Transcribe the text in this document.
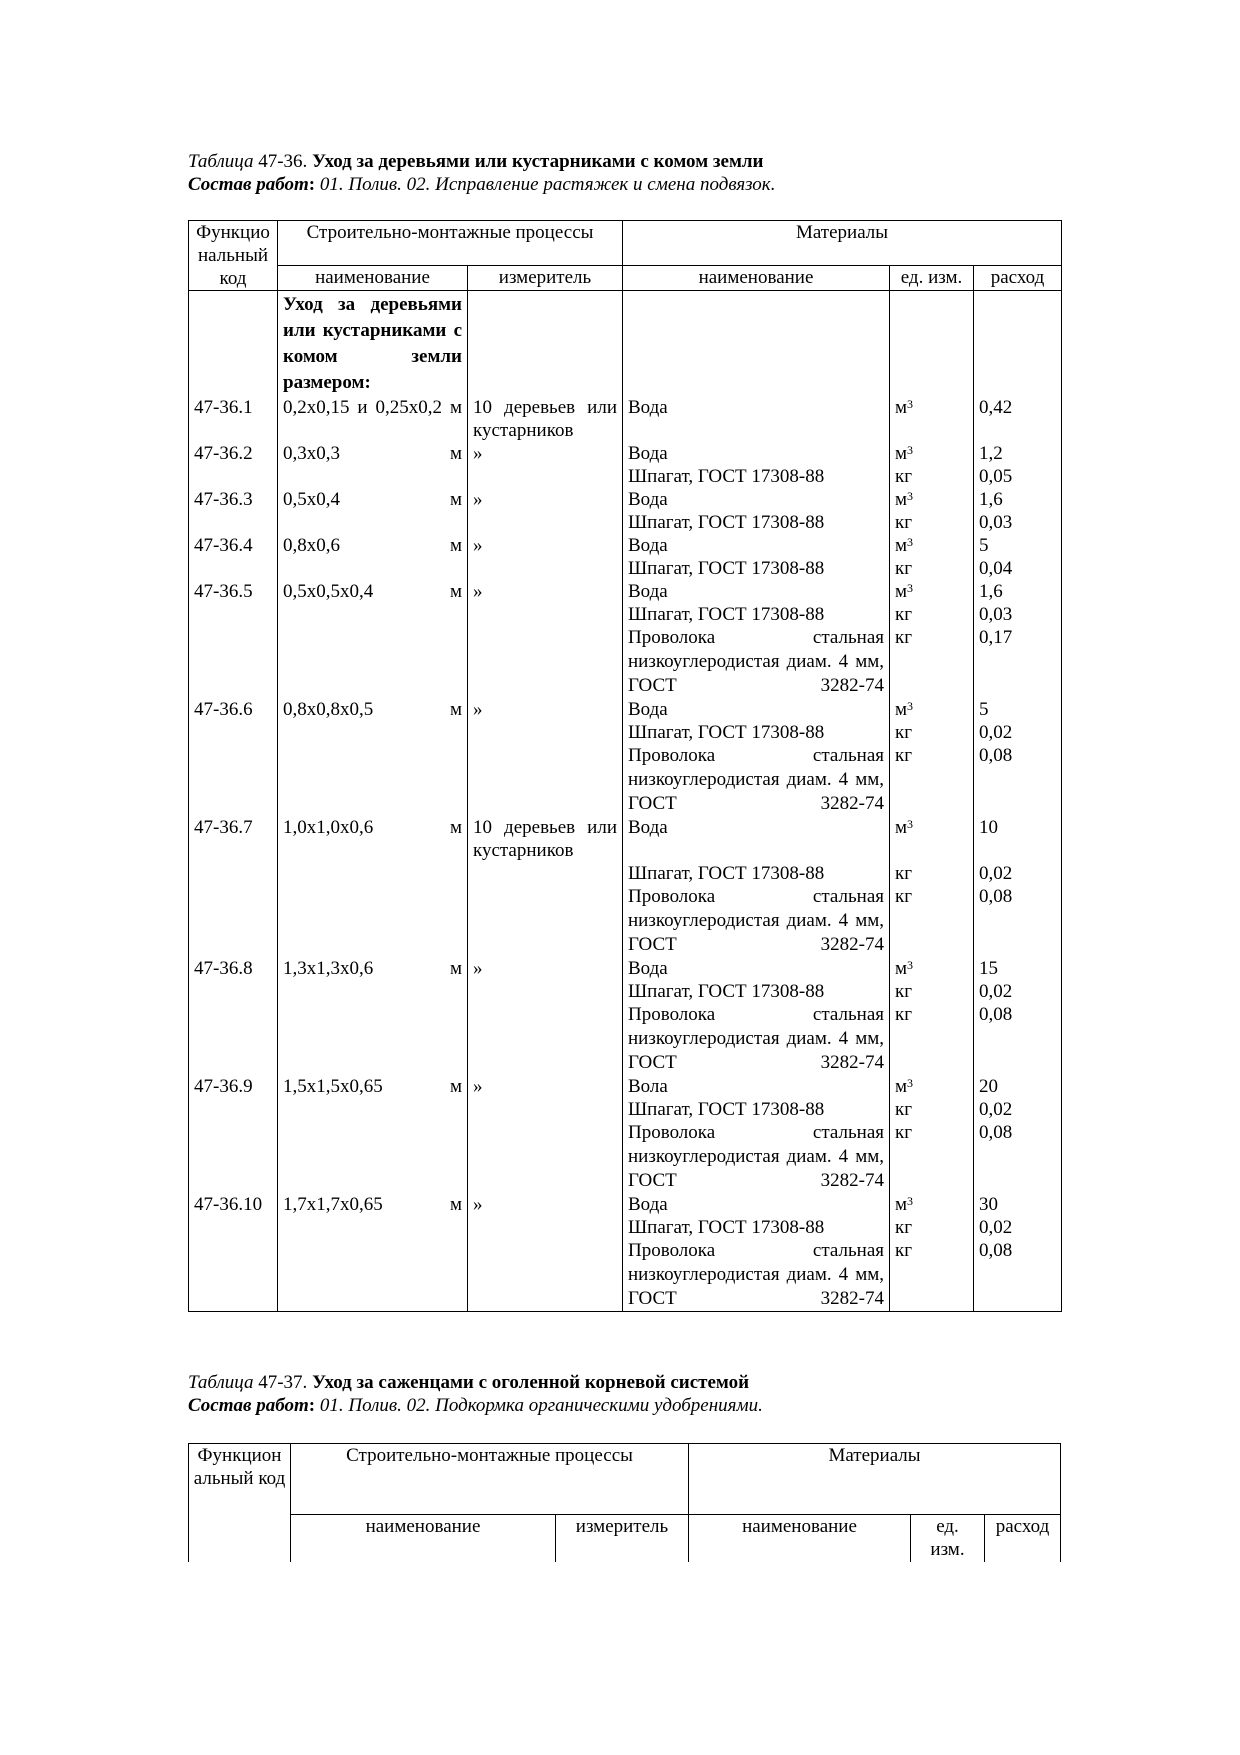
Таблица 47-36. Уход за деревьями или кустарниками с комом земли
Состав работ: 01. Полив. 02. Исправление растяжек и смена подвязок.
Функцио нальный код	Строительно-монтажные процессы		Материалы		
	наименование	измеритель	наименование	ед. изм.	расход
	Уход за деревьями или кустарниками с комом земли размером:				
47-36.1	0,2х0,15 и 0,25х0,2 м	10 деревьев или кустарников	Вода	$м^3$	0,42
47-36.2	0,3х0,3 м	»	Вода	$м^3$	1,2
			Шпагат, ГОСТ 17308-88	кг	0,05
47-36.3	0,5х0,4 м	»	Вода	$м^3$	1,6
			Шпагат, ГОСТ 17308-88	кг	0,03
47-36.4	0,8х0,6 м	»	Вода	$м^3$	5
			Шпагат, ГОСТ 17308-88	кг	0,04
47-36.5	0,5х0,5х0,4 м	»	Вода	$м^3$	1,6
			Шпагат, ГОСТ 17308-88	кг	0,03
			Проволока стальная низкоуглеродистая диам. 4 мм, ГОСТ 3282-74	кг	0,17
47-36.6	0,8х0,8х0,5 м	»	Вода	$м^3$	5
			Шпагат, ГОСТ 17308-88	кг	0,02
			Проволока стальная низкоуглеродистая диам. 4 мм, ГОСТ 3282-74	кг	0,08
47-36.7	1,0х1,0х0,6 м	10 деревьев или кустарников	Вода	$м^3$	10
			Шпагат, ГОСТ 17308-88	кг	0,02
			Проволока стальная низкоуглеродистая диам. 4 мм, ГОСТ 3282-74	кг	0,08
47-36.8	1,3х1,3х0,6 м	»	Вода	$м^3$	15
			Шпагат, ГОСТ 17308-88	кг	0,02
			Проволока стальная низкоуглеродистая диам. 4 мм, ГОСТ 3282-74	кг	0,08
47-36.9	1,5х1,5х0,65 м	»	Вола	$м^3$	20
			Шпагат, ГОСТ 17308-88	кг	0,02
			Проволока стальная низкоуглеродистая диам. 4 мм, ГОСТ 3282-74	кг	0,08
47-36.10	1,7х1,7х0,65 м	»	Вода	$м^3$	30
			Шпагат, ГОСТ 17308-88	кг	0,02
			Проволока стальная низкоуглеродистая диам. 4 мм, ГОСТ 3282-74	кг	0,08
Таблица 47-37. Уход за саженцами с оголенной корневой системой
Состав работ: 01. Полив. 02. Подкормка органическими удобрениями.
Функцион альный код	Строительно-монтажные процессы		Материалы		
	наименование	измеритель	наименование	ед. изм.	расход
